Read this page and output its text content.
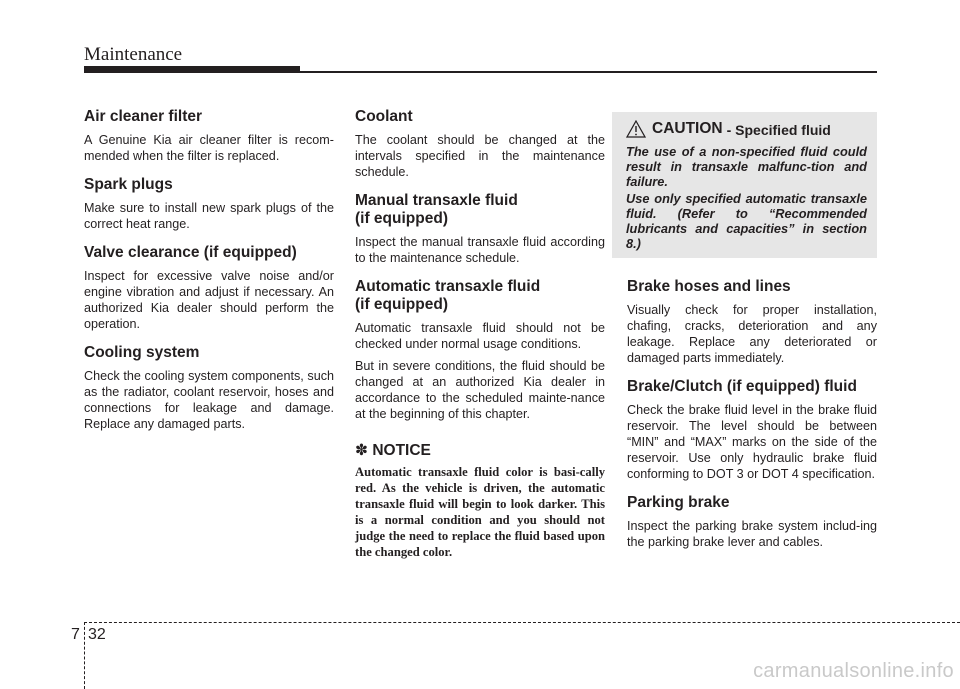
Maintenance
Air cleaner filter

A Genuine Kia air cleaner filter is recom-mended when the filter is replaced.

Spark plugs

Make sure to install new spark plugs of the correct heat range.

Valve clearance (if equipped)

Inspect for excessive valve noise and/or engine vibration and adjust if necessary. An authorized Kia dealer should perform the operation.

Cooling system

Check the cooling system components, such as the radiator, coolant reservoir, hoses and connections for leakage and damage. Replace any damaged parts.

Coolant

The coolant should be changed at the intervals specified in the maintenance schedule.

Manual transaxle fluid
(if equipped)

Inspect the manual transaxle fluid according to the maintenance schedule.

Automatic transaxle fluid
(if equipped)

Automatic transaxle fluid should not be checked under normal usage conditions.

But in severe conditions, the fluid should be changed at an authorized Kia dealer in accordance to the scheduled mainte-nance at the beginning of this chapter.

✽ NOTICE

Automatic transaxle fluid color is basi-cally red. As the vehicle is driven, the automatic transaxle fluid will begin to look darker. This is a normal condition and you should not judge the need to replace the fluid based upon the changed color.

CAUTION - Specified fluid

The use of a non-specified fluid could result in transaxle malfunc-tion and failure.

Use only specified automatic transaxle fluid. (Refer to “Recommended lubricants and capacities” in section 8.)

Brake hoses and lines

Visually check for proper installation, chafing, cracks, deterioration and any leakage. Replace any deteriorated or damaged parts immediately.

Brake/Clutch (if equipped) fluid

Check the brake fluid level in the brake fluid reservoir. The level should be between “MIN” and “MAX” marks on the side of the reservoir. Use only hydraulic brake fluid conforming to DOT 3 or DOT 4 specification.

Parking brake

Inspect the parking brake system includ-ing the parking brake lever and cables.

7 32
carmanualsonline.info
